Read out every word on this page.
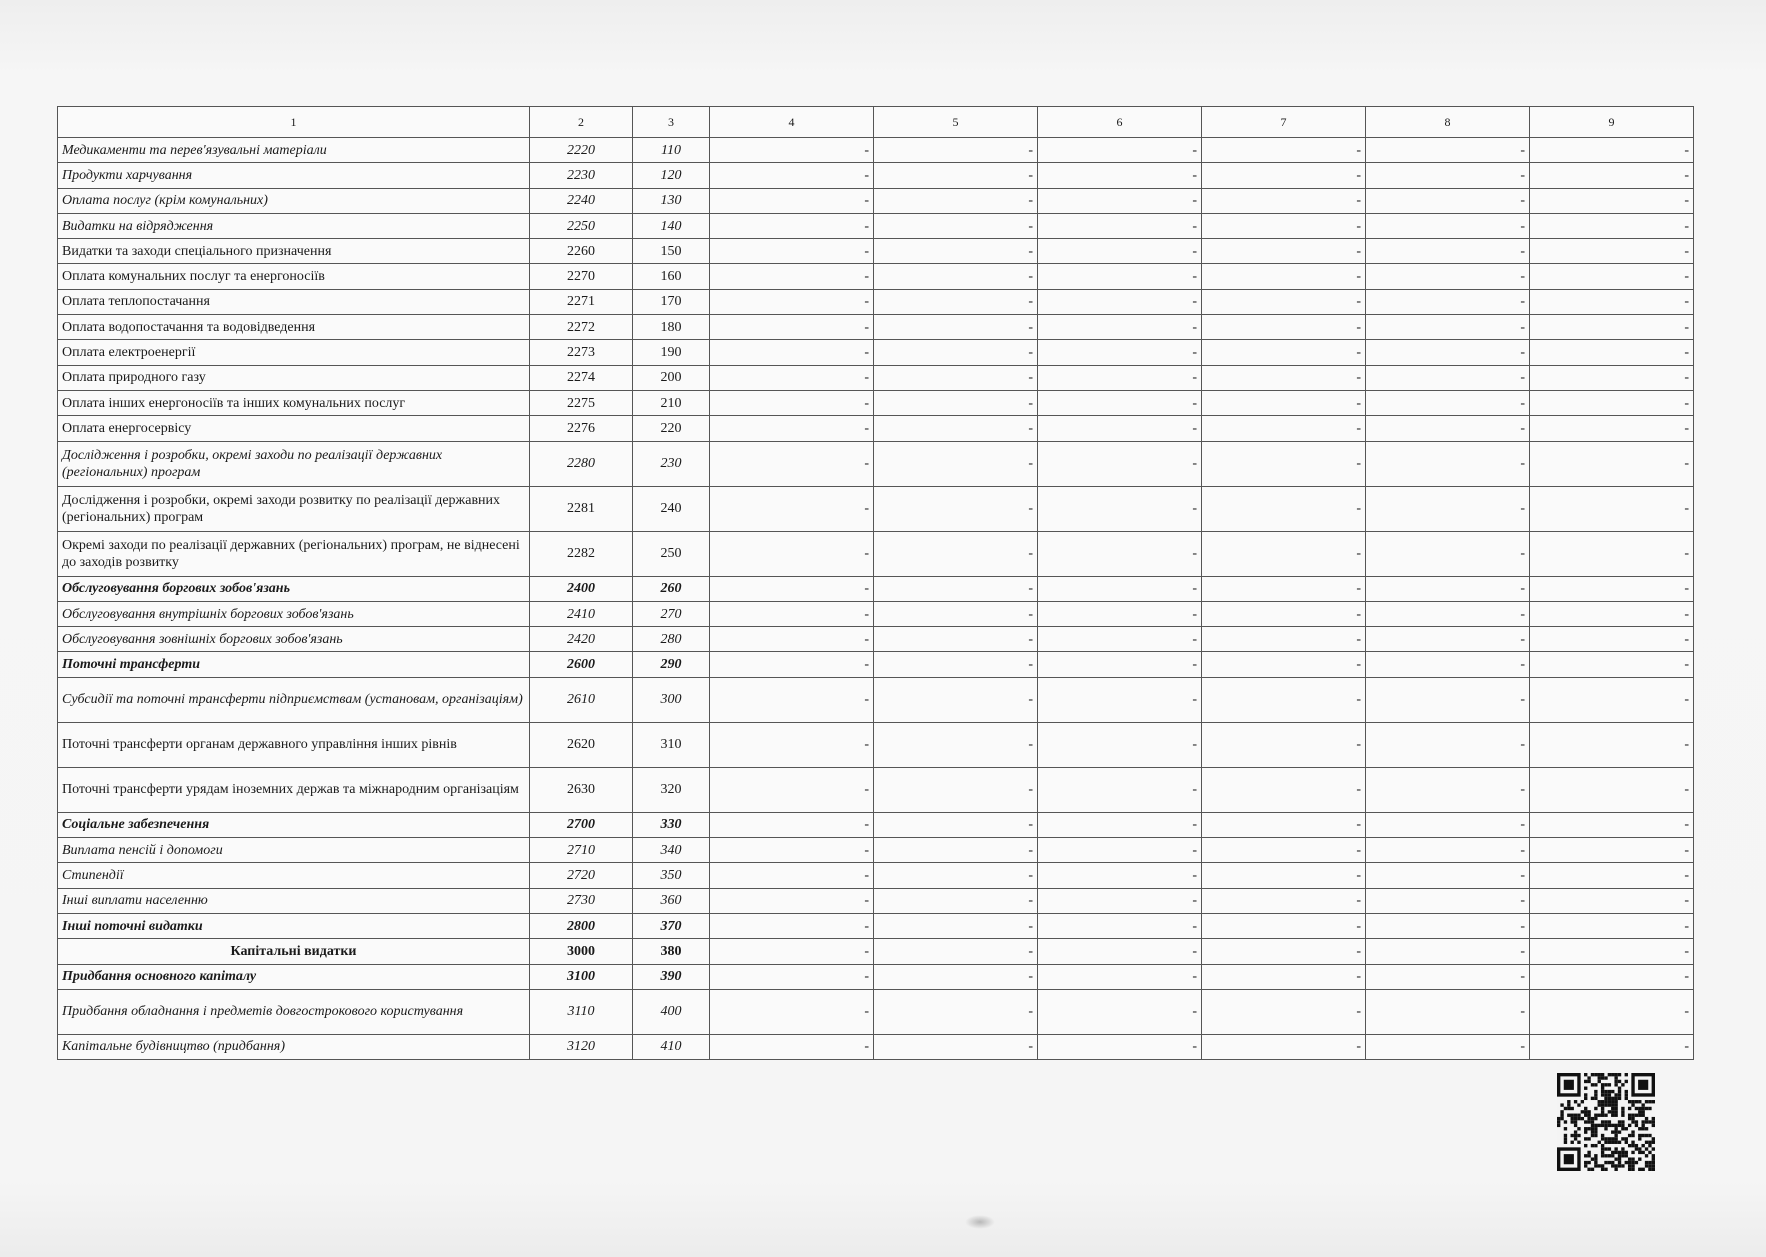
1	2	3	4	5	6	7	8	9
Медикаменти та перев'язувальні матеріали	2220	110	-	-	-	-	-	-
Продукти харчування	2230	120	-	-	-	-	-	-
Оплата послуг (крім комунальних)	2240	130	-	-	-	-	-	-
Видатки на відрядження	2250	140	-	-	-	-	-	-
Видатки та заходи спеціального призначення	2260	150	-	-	-	-	-	-
Оплата комунальних послуг та енергоносіїв	2270	160	-	-	-	-	-	-
Оплата теплопостачання	2271	170	-	-	-	-	-	-
Оплата водопостачання та водовідведення	2272	180	-	-	-	-	-	-
Оплата електроенергії	2273	190	-	-	-	-	-	-
Оплата природного газу	2274	200	-	-	-	-	-	-
Оплата інших енергоносіїв та інших комунальних послуг	2275	210	-	-	-	-	-	-
Оплата енергосервісу	2276	220	-	-	-	-	-	-
Дослідження і розробки, окремі заходи по реалізації державних (регіональних) програм	2280	230	-	-	-	-	-	-
Дослідження і розробки, окремі заходи розвитку по реалізації державних (регіональних) програм	2281	240	-	-	-	-	-	-
Окремі заходи по реалізації державних (регіональних) програм, не віднесені до заходів розвитку	2282	250	-	-	-	-	-	-
Обслуговування боргових зобов'язань	2400	260	-	-	-	-	-	-
Обслуговування внутрішніх боргових зобов'язань	2410	270	-	-	-	-	-	-
Обслуговування зовнішніх боргових зобов'язань	2420	280	-	-	-	-	-	-
Поточні трансферти	2600	290	-	-	-	-	-	-
Субсидії та поточні трансферти підприємствам (установам, організаціям)	2610	300	-	-	-	-	-	-
Поточні трансферти органам державного управління інших рівнів	2620	310	-	-	-	-	-	-
Поточні трансферти урядам іноземних держав та міжнародним організаціям	2630	320	-	-	-	-	-	-
Соціальне забезпечення	2700	330	-	-	-	-	-	-
Виплата пенсій і допомоги	2710	340	-	-	-	-	-	-
Стипендії	2720	350	-	-	-	-	-	-
Інші виплати населенню	2730	360	-	-	-	-	-	-
Інші поточні видатки	2800	370	-	-	-	-	-	-
Капітальні видатки	3000	380	-	-	-	-	-	-
Придбання основного капіталу	3100	390	-	-	-	-	-	-
Придбання обладнання і предметів довгострокового користування	3110	400	-	-	-	-	-	-
Капітальне будівництво (придбання)	3120	410	-	-	-	-	-	-
